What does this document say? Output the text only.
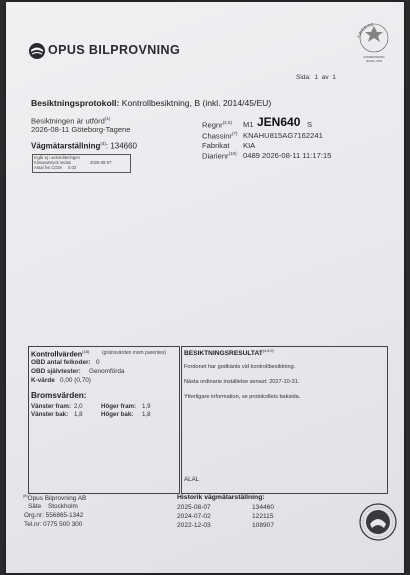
OPUS BILPROVNING
SWEDAC
ACKREDITERING
ISO/IEC 17020
Sida: 1 av 1
Besiktningsprotokoll: Kontrollbesiktning, B (inkl. 2014/45/EU)
Besiktningen är utförd$^{(1)}$
2026-08-11 Göteborg-Tagene
Vägmätarställning$^{(4)}$: 134660
Ingår ej i ackrediteringen
Klimatutvtyck sedan	2025-08-07
Antal fvs CO2e 0.03
Regnr$^{(2,5)}$ M1 JEN640 S
Chassinr$^{(7)}$ KNAHU815AG7162241
Fabrikat KIA
Diarienr$^{(10)}$ 0489 2026-08-11 11:17:15
Kontrollvärden$^{(18)}$	(gränsvärden inom parentes)
OBD antal felkoder: 0
OBD självtester: Genomförda
K-värde 0,00 (0,70)
Bromsvärden:
Vänster fram: 2,0	Höger fram: 1,9
Vänster bak: 1,8	Höger bak: 1,8
BESIKTNINGSRESULTAT$^{(4,6,9)}$
Fordonet har godkänts vid kontrollbesiktning.
Nästa ordinarie inställelse senast: 2027-10-31.
Ytterligare information, se protokollets baksida.
ALAL
$^{(8)}$Opus Bilprovning AB
Säte Stockholm
Org.nr: 556865-1342
Tel.nr: 0775 500 300
Historik vägmätarställning:
2025-08-07	134460
2024-07-02	122115
2022-12-03	108907
